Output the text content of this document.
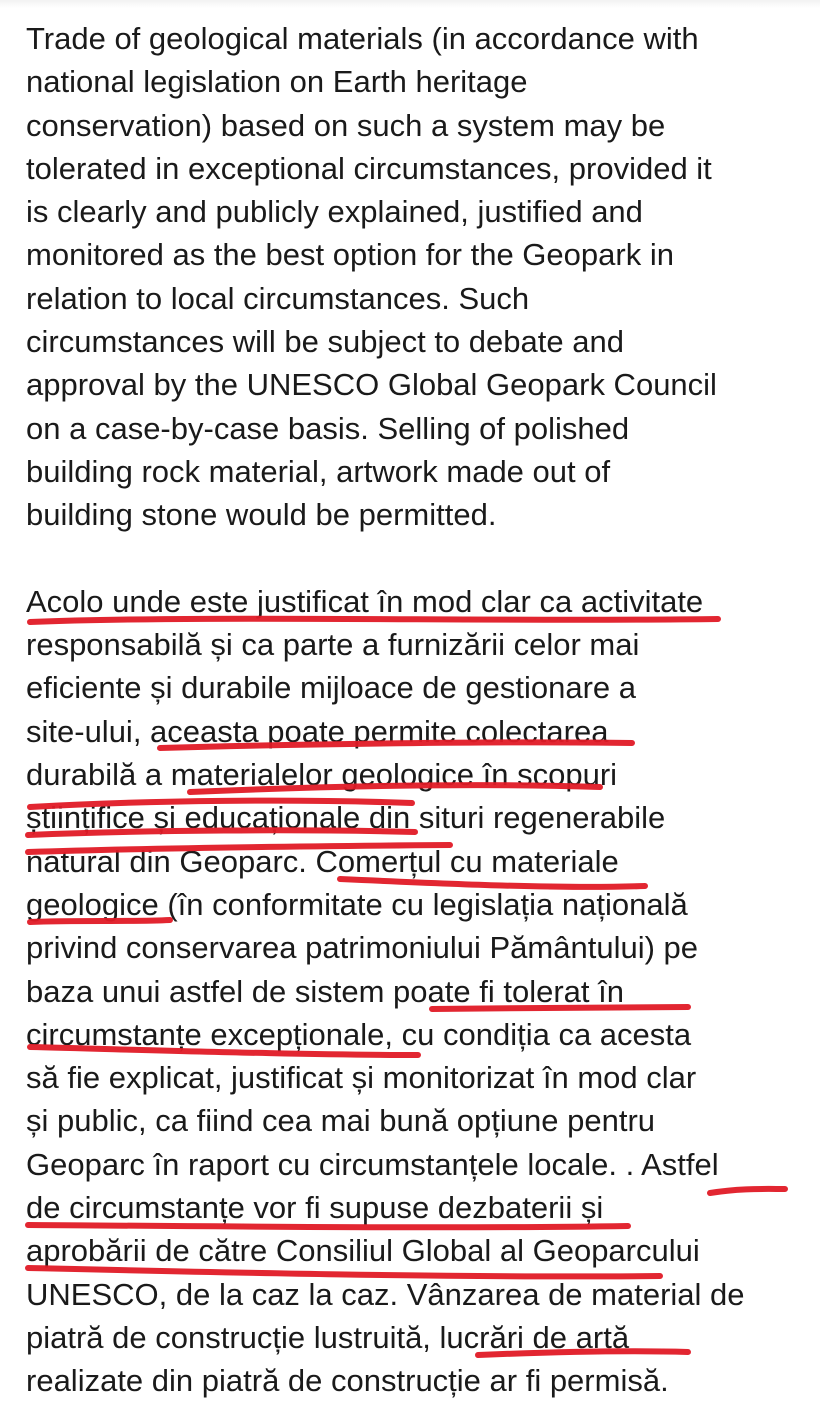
Trade of geological materials (in accordance with
national legislation on Earth heritage
conservation) based on such a system may be
tolerated in exceptional circumstances, provided it
is clearly and publicly explained, justified and
monitored as the best option for the Geopark in
relation to local circumstances. Such
circumstances will be subject to debate and
approval by the UNESCO Global Geopark Council
on a case-by-case basis. Selling of polished
building rock material, artwork made out of
building stone would be permitted.
Acolo unde este justificat în mod clar ca activitate
responsabilă și ca parte a furnizării celor mai
eficiente și durabile mijloace de gestionare a
site-ului, aceasta poate permite colectarea
durabilă a materialelor geologice în scopuri
științifice și educaționale din situri regenerabile
natural din Geoparc. Comerțul cu materiale
geologice (în conformitate cu legislația națională
privind conservarea patrimoniului Pământului) pe
baza unui astfel de sistem poate fi tolerat în
circumstanțe excepționale, cu condiția ca acesta
să fie explicat, justificat și monitorizat în mod clar
și public, ca fiind cea mai bună opțiune pentru
Geoparc în raport cu circumstanțele locale. . Astfel
de circumstanțe vor fi supuse dezbaterii și
aprobării de către Consiliul Global al Geoparcului
UNESCO, de la caz la caz. Vânzarea de material de
piatră de construcție lustruită, lucrări de artă
realizate din piatră de construcție ar fi permisă.
